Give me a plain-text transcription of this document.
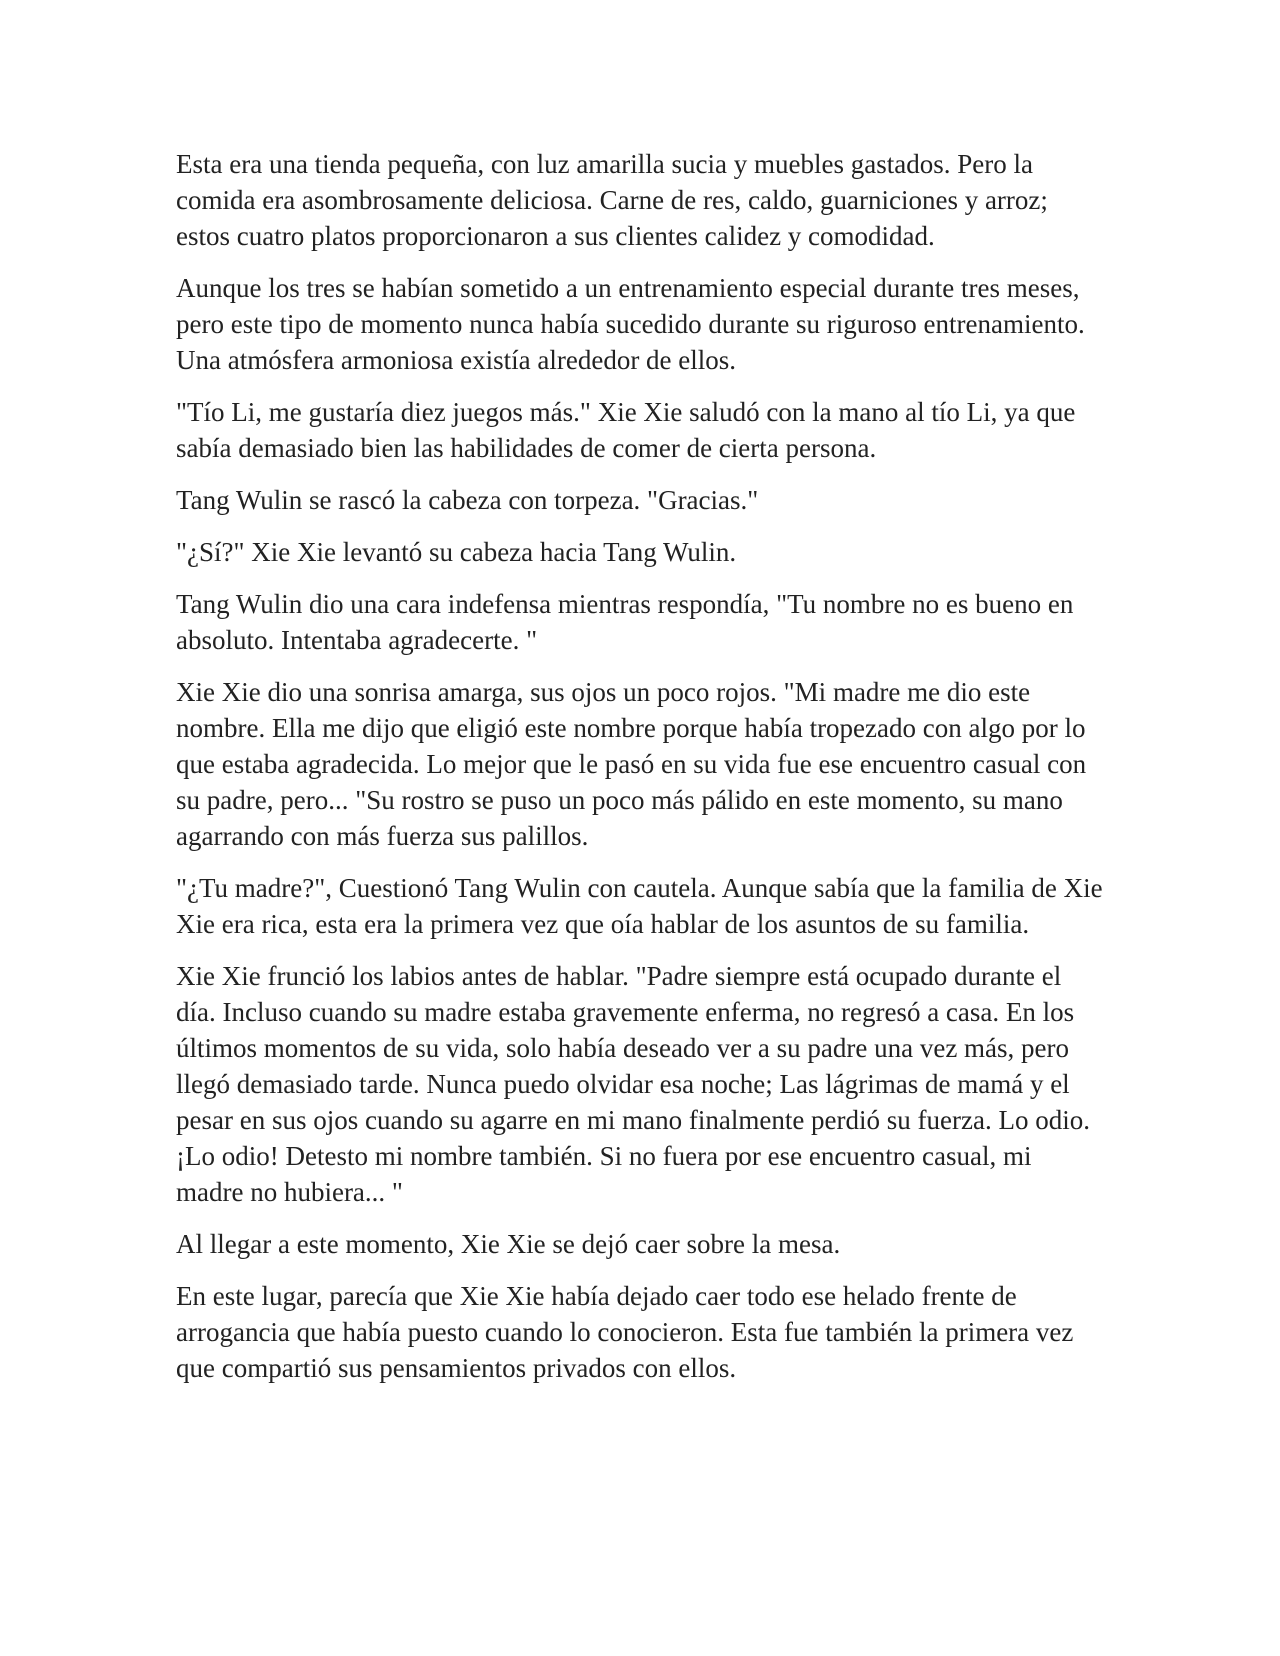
Esta era una tienda pequeña, con luz amarilla sucia y muebles gastados. Pero la comida era asombrosamente deliciosa. Carne de res, caldo, guarniciones y arroz; estos cuatro platos proporcionaron a sus clientes calidez y comodidad.

Aunque los tres se habían sometido a un entrenamiento especial durante tres meses, pero este tipo de momento nunca había sucedido durante su riguroso entrenamiento. Una atmósfera armoniosa existía alrededor de ellos.

"Tío Li, me gustaría diez juegos más." Xie Xie saludó con la mano al tío Li, ya que sabía demasiado bien las habilidades de comer de cierta persona.

Tang Wulin se rascó la cabeza con torpeza. "Gracias."

"¿Sí?" Xie Xie levantó su cabeza hacia Tang Wulin.

Tang Wulin dio una cara indefensa mientras respondía, "Tu nombre no es bueno en absoluto. Intentaba agradecerte. "

Xie Xie dio una sonrisa amarga, sus ojos un poco rojos. "Mi madre me dio este nombre. Ella me dijo que eligió este nombre porque había tropezado con algo por lo que estaba agradecida. Lo mejor que le pasó en su vida fue ese encuentro casual con su padre, pero... "Su rostro se puso un poco más pálido en este momento, su mano agarrando con más fuerza sus palillos.

"¿Tu madre?", Cuestionó Tang Wulin con cautela. Aunque sabía que la familia de Xie Xie era rica, esta era la primera vez que oía hablar de los asuntos de su familia.

Xie Xie frunció los labios antes de hablar. "Padre siempre está ocupado durante el día. Incluso cuando su madre estaba gravemente enferma, no regresó a casa. En los últimos momentos de su vida, solo había deseado ver a su padre una vez más, pero llegó demasiado tarde. Nunca puedo olvidar esa noche; Las lágrimas de mamá y el pesar en sus ojos cuando su agarre en mi mano finalmente perdió su fuerza. Lo odio. ¡Lo odio! Detesto mi nombre también. Si no fuera por ese encuentro casual, mi madre no hubiera... "

Al llegar a este momento, Xie Xie se dejó caer sobre la mesa.

En este lugar, parecía que Xie Xie había dejado caer todo ese helado frente de arrogancia que había puesto cuando lo conocieron. Esta fue también la primera vez que compartió sus pensamientos privados con ellos.
